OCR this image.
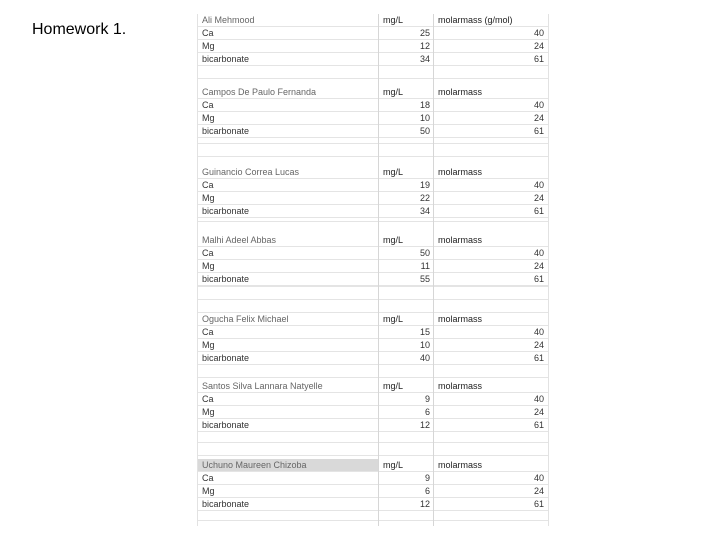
Homework 1.
Ali Mehmood	mg/L	molarmass (g/mol)
Ca	25	40
Mg	12	24
bicarbonate	34	61
Campos De Paulo Fernanda	mg/L	molarmass
Ca	18	40
Mg	10	24
bicarbonate	50	61
Guinancio Correa Lucas	mg/L	molarmass
Ca	19	40
Mg	22	24
bicarbonate	34	61
Malhi Adeel Abbas	mg/L	molarmass
Ca	50	40
Mg	11	24
bicarbonate	55	61
Ogucha Felix Michael	mg/L	molarmass
Ca	15	40
Mg	10	24
bicarbonate	40	61
Santos Silva Lannara Natyelle	mg/L	molarmass
Ca	9	40
Mg	6	24
bicarbonate	12	61
Uchuno Maureen Chizoba	mg/L	molarmass
Ca	9	40
Mg	6	24
bicarbonate	12	61
